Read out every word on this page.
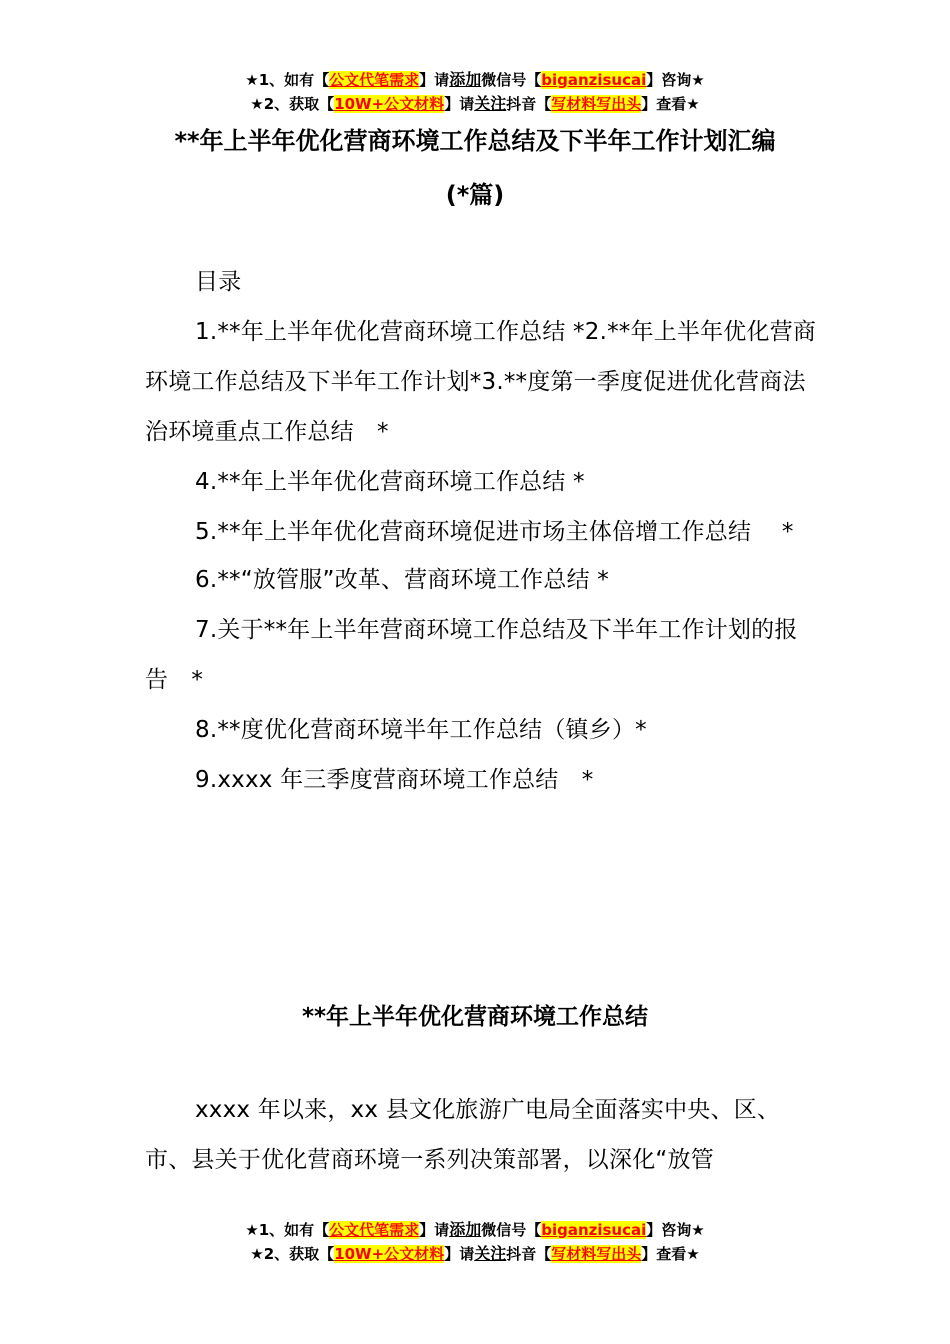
★1、如有【公文代笔需求】请添加微信号【biganzisucai】咨询★
★2、获取【10W+公文材料】请关注抖音【写材料写出头】查看★
**年上半年优化营商环境工作总结及下半年工作计划汇编
(*篇)

目录

1.**年上半年优化营商环境工作总结 *2.**年上半年优化营商环境工作总结及下半年工作计划*3.**度第一季度促进优化营商法治环境重点工作总结　*

4.**年上半年优化营商环境工作总结 *

5.**年上半年优化营商环境促进市场主体倍增工作总结 　*

6.**“放管服”改革、营商环境工作总结 *

7.关于**年上半年营商环境工作总结及下半年工作计划的报告　*

8.**度优化营商环境半年工作总结（镇乡）*

9.xxxx 年三季度营商环境工作总结　*

**年上半年优化营商环境工作总结

xxxx 年以来，xx 县文化旅游广电局全面落实中央、区、市、县关于优化营商环境一系列决策部署，以深化“放管

★1、如有【公文代笔需求】请添加微信号【biganzisucai】咨询★
★2、获取【10W+公文材料】请关注抖音【写材料写出头】查看★
